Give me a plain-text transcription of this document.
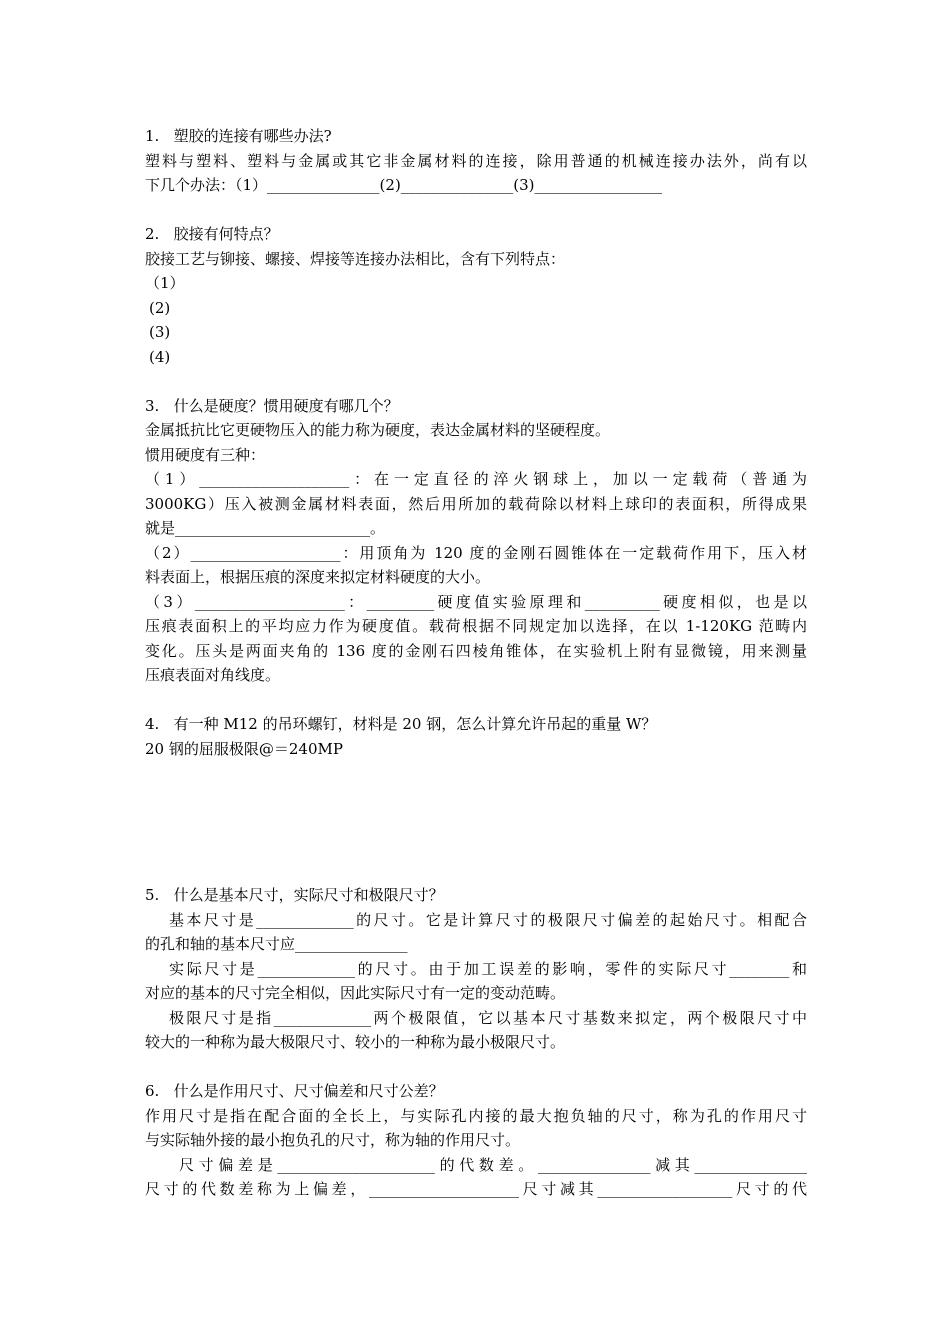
1.   塑胶的连接有哪些办法?

塑料与塑料、塑料与金属或其它非金属材料的连接，除用普通的机械连接办法外，尚有以

下几个办法：（1）_______________(2)_______________(3)_________________

2.   胶接有何特点？

胶接工艺与铆接、螺接、焊接等连接办法相比，含有下列特点：

（1）

(2)

(3)

(4)

3.   什么是硬度？惯用硬度有哪几个？

金属抵抗比它更硬物压入的能力称为硬度，表达金属材料的坚硬程度。

惯用硬度有三种：

（1）____________________：在一定直径的淬火钢球上，加以一定载荷（普通为

3000KG）压入被测金属材料表面，然后用所加的载荷除以材料上球印的表面积，所得成果

就是__________________________。

（2）____________________：用顶角为 120 度的金刚石圆锥体在一定载荷作用下，压入材

料表面上，根据压痕的深度来拟定材料硬度的大小。

（3）____________________：_________硬度值实验原理和__________硬度相似，也是以

压痕表面积上的平均应力作为硬度值。载荷根据不同规定加以选择，在以 1-120KG 范畴内

变化。压头是两面夹角的 136 度的金刚石四棱角锥体，在实验机上附有显微镜，用来测量

压痕表面对角线度。

4.   有一种 M12 的吊环螺钉，材料是 20 钢，怎么计算允许吊起的重量 W？

20 钢的屈服极限@＝240MP

5.   什么是基本尺寸，实际尺寸和极限尺寸？

基本尺寸是_____________的尺寸。它是计算尺寸的极限尺寸偏差的起始尺寸。相配合

的孔和轴的基本尺寸应_______________

实际尺寸是_____________的尺寸。由于加工误差的影响，零件的实际尺寸________和

对应的基本的尺寸完全相似，因此实际尺寸有一定的变动范畴。

极限尺寸是指_____________两个极限值，它以基本尺寸基数来拟定，两个极限尺寸中

较大的一种称为最大极限尺寸、较小的一种称为最小极限尺寸。

6.   什么是作用尺寸、尺寸偏差和尺寸公差？

作用尺寸是指在配合面的全长上，与实际孔内接的最大抱负轴的尺寸，称为孔的作用尺寸

与实际轴外接的最小抱负孔的尺寸，称为轴的作用尺寸。

尺寸偏差是_____________________的代数差。_______________减其_______________

尺寸的代数差称为上偏差，____________________尺寸减其__________________尺寸的代
